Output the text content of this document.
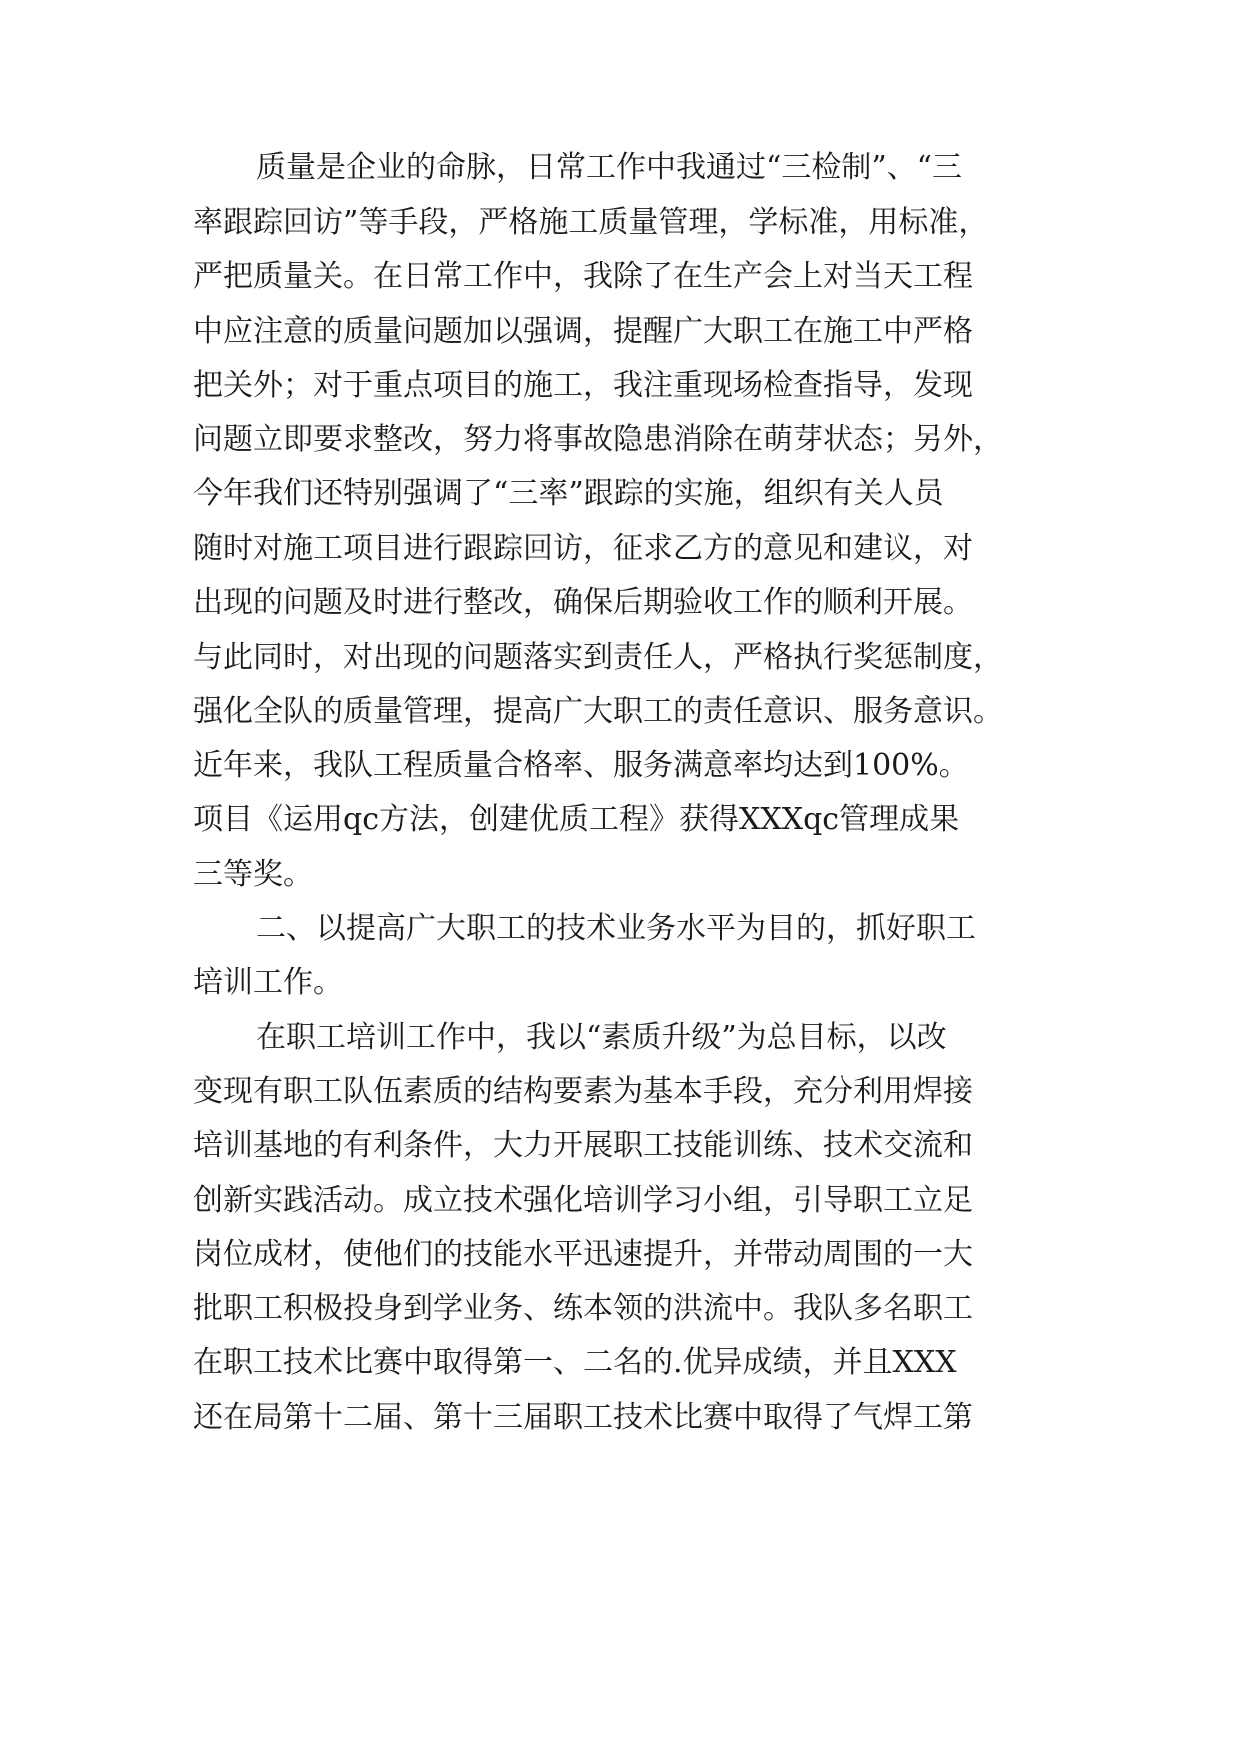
质量是企业的命脉，日常工作中我通过“三检制”、“三
率跟踪回访”等手段，严格施工质量管理，学标准，用标准，
严把质量关。在日常工作中，我除了在生产会上对当天工程
中应注意的质量问题加以强调，提醒广大职工在施工中严格
把关外；对于重点项目的施工，我注重现场检查指导，发现
问题立即要求整改，努力将事故隐患消除在萌芽状态；另外，
今年我们还特别强调了“三率”跟踪的实施，组织有关人员
随时对施工项目进行跟踪回访，征求乙方的意见和建议，对
出现的问题及时进行整改，确保后期验收工作的顺利开展。
与此同时，对出现的问题落实到责任人，严格执行奖惩制度，
强化全队的质量管理，提高广大职工的责任意识、服务意识。
近年来，我队工程质量合格率、服务满意率均达到100%。
项目《运用qc方法，创建优质工程》获得XXXqc管理成果
三等奖。
二、以提高广大职工的技术业务水平为目的，抓好职工
培训工作。
在职工培训工作中，我以“素质升级”为总目标，以改
变现有职工队伍素质的结构要素为基本手段，充分利用焊接
培训基地的有利条件，大力开展职工技能训练、技术交流和
创新实践活动。成立技术强化培训学习小组，引导职工立足
岗位成材，使他们的技能水平迅速提升，并带动周围的一大
批职工积极投身到学业务、练本领的洪流中。我队多名职工
在职工技术比赛中取得第一、二名的.优异成绩，并且XXX
还在局第十二届、第十三届职工技术比赛中取得了气焊工第
